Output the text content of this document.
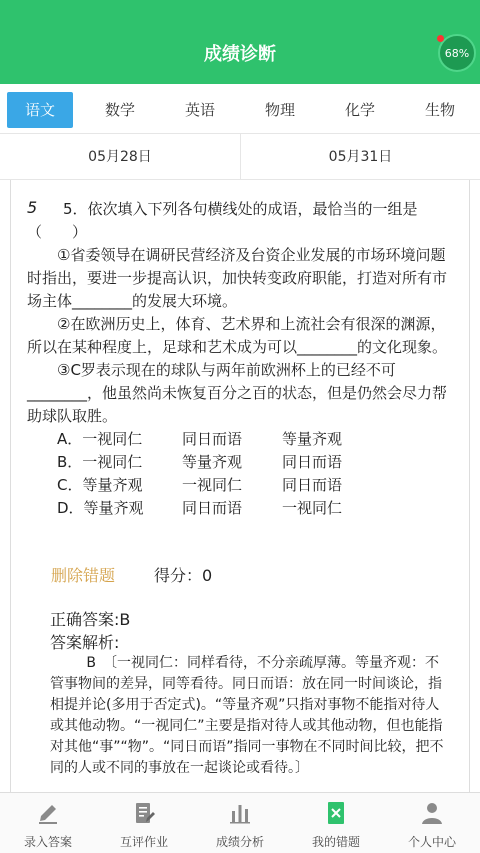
成绩诊断	68%
语文	数学	英语	物理	化学	生物
05月28日	05月31日
5	5．依次填入下列各句横线处的成语，最恰当的一组是（　　）

①省委领导在调研民营经济及台资企业发展的市场环境问题时指出，要进一步提高认识，加快转变政府职能，打造对所有市场主体________的发展大环境。

②在欧洲历史上，体育、艺术界和上流社会有很深的渊源，所以在某种程度上，足球和艺术成为可以________的文化现象。

③C罗表示现在的球队与两年前欧洲杯上的已经不可________，他虽然尚未恢复百分之百的状态，但是仍然会尽力帮助球队取胜。

A．一视同仁	同日而语	等量齐观
B．一视同仁	等量齐观	同日而语
C．等量齐观	一视同仁	同日而语
D．等量齐观	同日而语	一视同仁
删除错题 得分：0
正确答案:B
答案解析:
B　〔一视同仁：同样看待，不分亲疏厚薄。等量齐观：不管事物间的差异，同等看待。同日而语：放在同一时间谈论，指相提并论(多用于否定式)。“等量齐观”只指对事物不能指对待人或其他动物。“一视同仁”主要是指对待人或其他动物，但也能指对其他“事”“物”。“同日而语”指同一事物在不同时间比较，把不同的人或不同的事放在一起谈论或看待。〕
录入答案	互评作业	成绩分析	我的错题	个人中心
